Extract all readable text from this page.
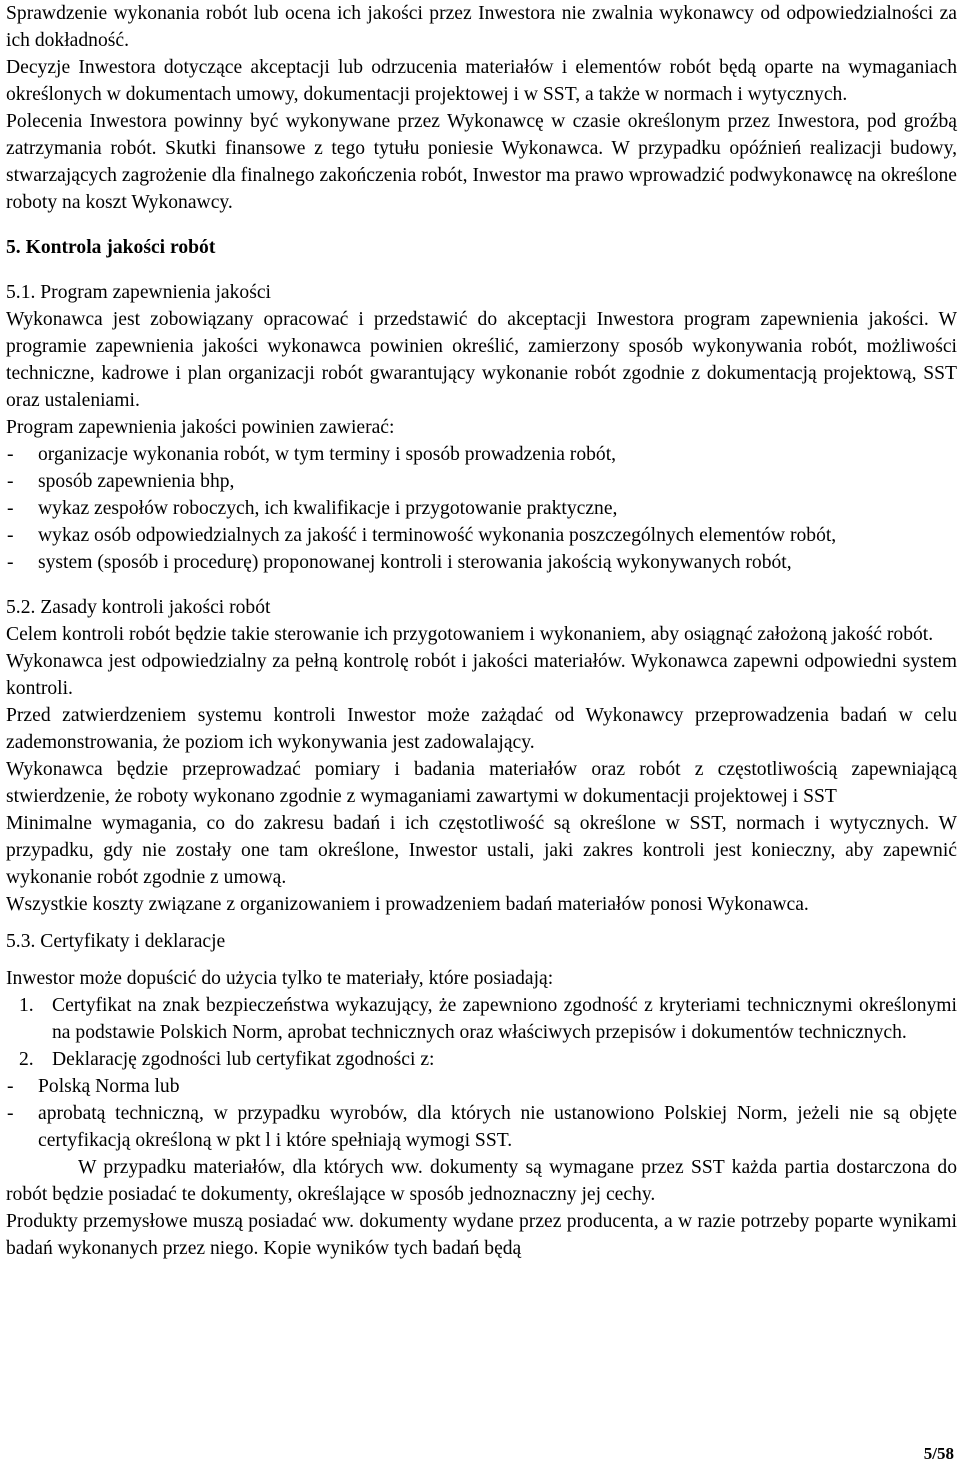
Sprawdzenie wykonania robót lub ocena ich jakości przez Inwestora nie zwalnia wykonawcy od odpowiedzialności za ich dokładność.

Decyzje Inwestora dotyczące akceptacji lub odrzucenia materiałów i elementów robót będą oparte na wymaganiach określonych w dokumentach umowy, dokumentacji projektowej i w SST, a także w normach i wytycznych.

Polecenia Inwestora powinny być wykonywane przez Wykonawcę w czasie określonym przez Inwestora, pod groźbą zatrzymania robót. Skutki finansowe z tego tytułu poniesie Wykonawca. W przypadku opóźnień realizacji budowy, stwarzających zagrożenie dla finalnego zakończenia robót, Inwestor ma prawo wprowadzić podwykonawcę na określone roboty na koszt Wykonawcy.

5. Kontrola jakości robót

5.1. Program zapewnienia jakości

Wykonawca jest zobowiązany opracować i przedstawić do akceptacji Inwestora program zapewnienia jakości. W programie zapewnienia jakości wykonawca powinien określić, zamierzony sposób wykonywania robót, możliwości techniczne, kadrowe i plan organizacji robót gwarantujący wykonanie robót zgodnie z dokumentacją projektową, SST oraz ustaleniami.

Program zapewnienia jakości powinien zawierać:

- organizacje wykonania robót, w tym terminy i sposób prowadzenia robót,
- sposób zapewnienia bhp,
- wykaz zespołów roboczych, ich kwalifikacje i przygotowanie praktyczne,
- wykaz osób odpowiedzialnych za jakość i terminowość wykonania poszczególnych elementów robót,
- system (sposób i procedurę) proponowanej kontroli i sterowania jakością wykonywanych robót,

5.2. Zasady kontroli jakości robót

Celem kontroli robót będzie takie sterowanie ich przygotowaniem i wykonaniem, aby osiągnąć założoną jakość robót.

Wykonawca jest odpowiedzialny za pełną kontrolę robót i jakości materiałów. Wykonawca zapewni odpowiedni system kontroli.

Przed zatwierdzeniem systemu kontroli Inwestor może zażądać od Wykonawcy przeprowadzenia badań w celu zademonstrowania, że poziom ich wykonywania jest zadowalający.

Wykonawca będzie przeprowadzać pomiary i badania materiałów oraz robót z częstotliwością zapewniającą stwierdzenie, że roboty wykonano zgodnie z wymaganiami zawartymi w dokumentacji projektowej i SST

Minimalne wymagania, co do zakresu badań i ich częstotliwość są określone w SST, normach i wytycznych. W przypadku, gdy nie zostały one tam określone, Inwestor ustali, jaki zakres kontroli jest konieczny, aby zapewnić wykonanie robót zgodnie z umową.

Wszystkie koszty związane z organizowaniem i prowadzeniem badań materiałów ponosi Wykonawca.

5.3. Certyfikaty i deklaracje

Inwestor może dopuścić do użycia tylko te materiały, które posiadają:

1. Certyfikat na znak bezpieczeństwa wykazujący, że zapewniono zgodność z kryteriami technicznymi określonymi na podstawie Polskich Norm, aprobat technicznych oraz właściwych przepisów i dokumentów technicznych.
2. Deklarację zgodności lub certyfikat zgodności z:
- Polską Norma lub
- aprobatą techniczną, w przypadku wyrobów, dla których nie ustanowiono Polskiej Norm, jeżeli nie są objęte certyfikacją określoną w pkt l i które spełniają wymogi SST.

W przypadku materiałów, dla których ww. dokumenty są wymagane przez SST każda partia dostarczona do robót będzie posiadać te dokumenty, określające w sposób jednoznaczny jej cechy.

Produkty przemysłowe muszą posiadać ww. dokumenty wydane przez producenta, a w razie potrzeby poparte wynikami badań wykonanych przez niego. Kopie wyników tych badań będą

5/58
